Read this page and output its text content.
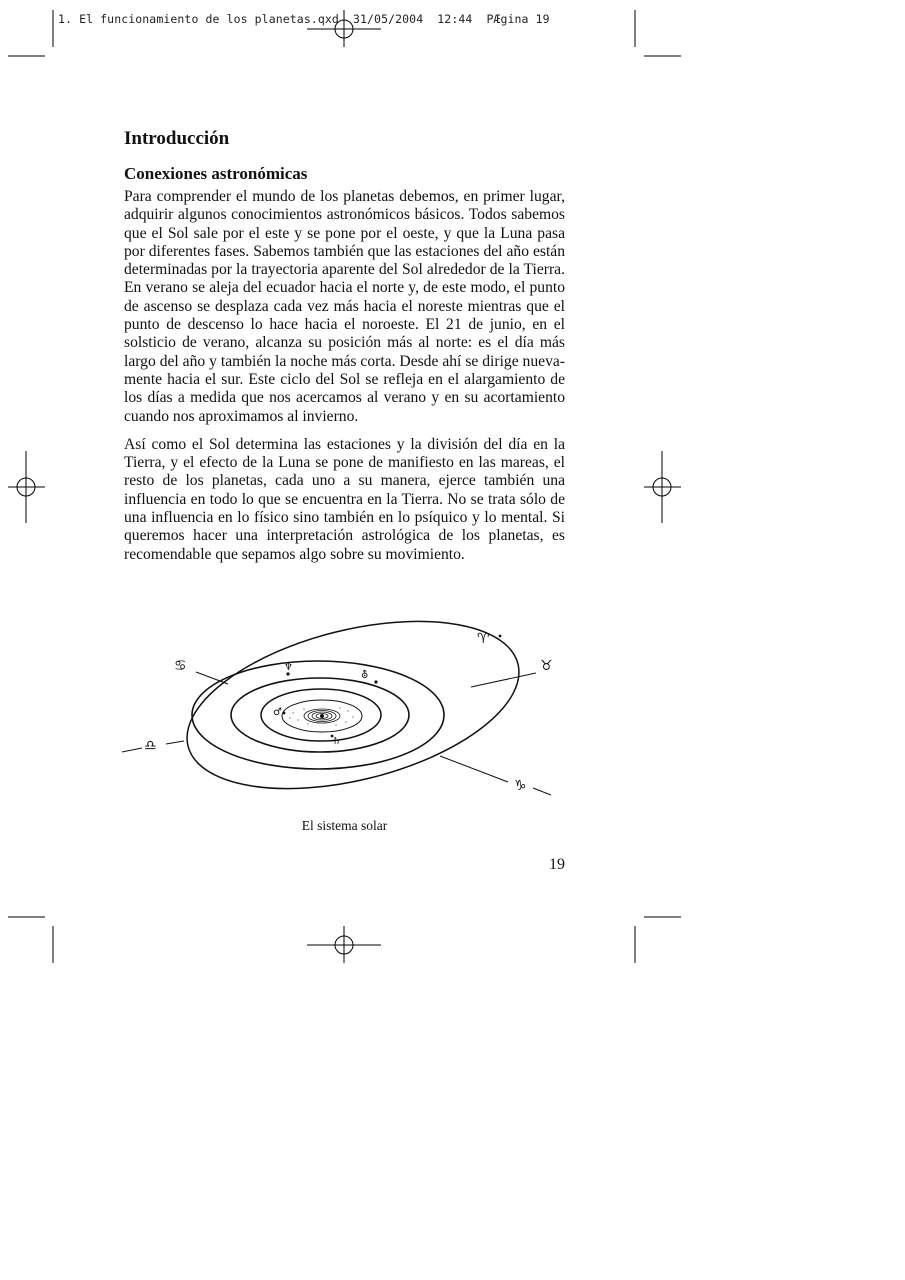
1. El funcionamiento de los planetas.qxd  31/05/2004  12:44  PÆgina 19
Introducción
Conexiones astronómicas

Para comprender el mundo de los planetas debemos, en primer lugar, adquirir algunos conocimientos astronómicos básicos. Todos sabemos que el Sol sale por el este y se pone por el oeste, y que la Luna pasa por diferentes fases. Sabemos también que las estaciones del año están determinadas por la trayectoria aparente del Sol alrededor de la Tierra. En verano se aleja del ecuador hacia el norte y, de este modo, el punto de ascenso se desplaza cada vez más hacia el noreste mientras que el punto de descenso lo hace hacia el noroeste. El 21 de junio, en el solsticio de verano, alcanza su posición más al norte: es el día más largo del año y también la noche más corta. Desde ahí se dirige nuevamente hacia el sur. Este ciclo del Sol se refleja en el alargamiento de los días a medida que nos acercamos al verano y en su acortamiento cuando nos aproximamos al invierno.

Así como el Sol determina las estaciones y la división del día en la Tierra, y el efecto de la Luna se pone de manifiesto en las mareas, el resto de los planetas, cada uno a su manera, ejerce también una influencia en todo lo que se encuentra en la Tierra. No se trata sólo de una influencia en lo físico sino también en lo psíquico y lo mental. Si queremos hacer una interpretación astrológica de los planetas, es recomendable que sepamos algo sobre su movimiento.

♆
⛢
♂
♄
♋
♎
♈
♉
♑
El sistema solar
19
